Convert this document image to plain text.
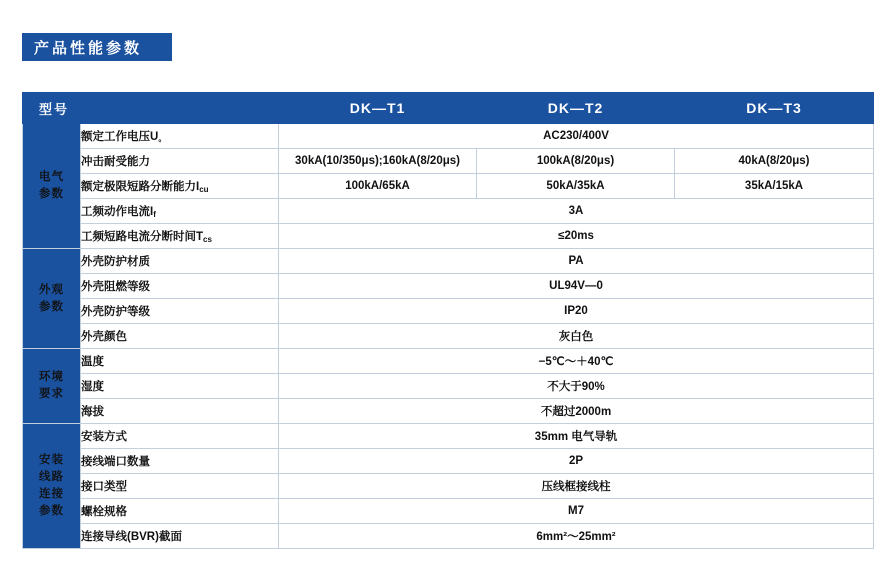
产品性能参数
型号		DK—T1	DK—T2	DK—T3

电气
参数	额定工作电压U。	AC230/400V		
	冲击耐受能力	30kA(10/350μs);160kA(8/20μs)	100kA(8/20μs)	40kA(8/20μs)
	额定极限短路分断能力Icu	100kA/65kA	50kA/35kA	35kA/15kA
	工频动作电流If	3A		
	工频短路电流分断时间Tcs	≤20ms		

外观
参数	外壳防护材质	PA		
	外壳阻燃等级	UL94V—0		
	外壳防护等级	IP20		
	外壳颜色	灰白色		

环境
要求	温度	−5℃～＋40℃		
	湿度	不大于90%		
	海拔	不超过2000m		

安装
线路
连接
参数	安装方式	35mm 电气导轨		
	接线端口数量	2P		
	接口类型	压线框接线柱		
	螺栓规格	M7		
	连接导线(BVR)截面	6mm²～25mm²		
